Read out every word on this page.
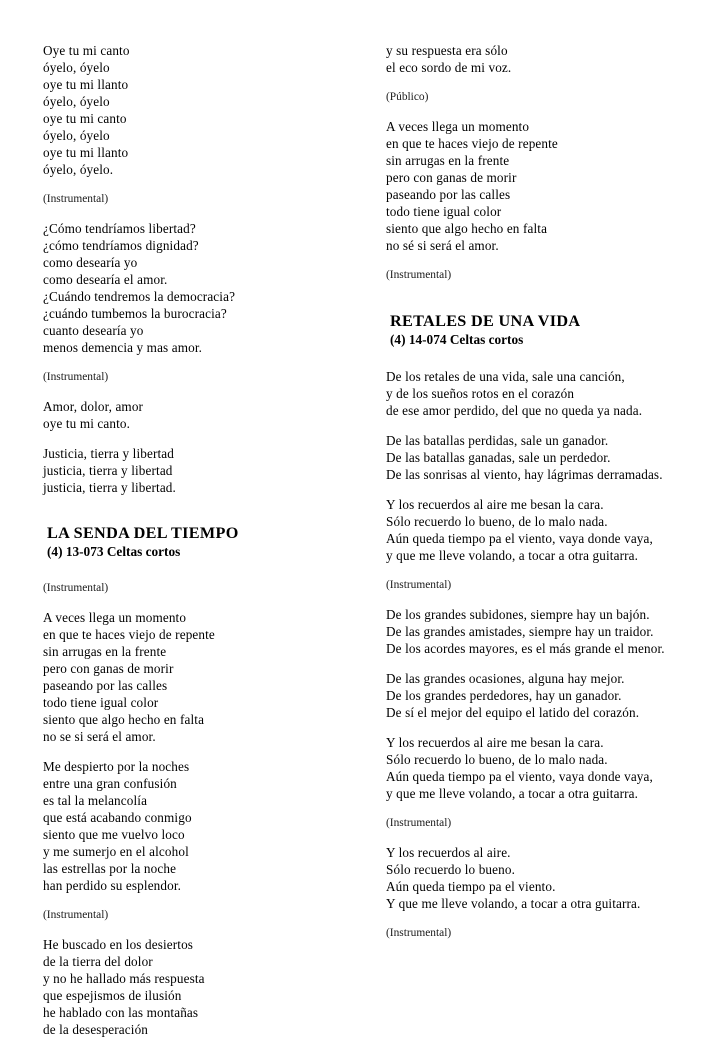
Oye tu mi canto
óyelo, óyelo
oye tu mi llanto
óyelo, óyelo
oye tu mi canto
óyelo, óyelo
oye tu mi llanto
óyelo, óyelo.
(Instrumental)
¿Cómo tendríamos libertad?
¿cómo tendríamos dignidad?
como desearía yo
como desearía el amor.
¿Cuándo tendremos la democracia?
¿cuándo tumbemos la burocracia?
cuanto desearía yo
menos demencia y mas amor.
(Instrumental)
Amor, dolor, amor
oye tu mi canto.
Justicia, tierra y libertad
justicia, tierra y libertad
justicia, tierra y libertad.
LA SENDA DEL TIEMPO
(4) 13-073 Celtas cortos
(Instrumental)
A veces llega un momento
en que te haces viejo de repente
sin arrugas en la frente
pero con ganas de morir
paseando por las calles
todo tiene igual color
siento que algo hecho en falta
no se si será el amor.
Me despierto por la noches
entre una gran confusión
es tal la melancolía
que está acabando conmigo
siento que me vuelvo loco
y me sumerjo en el alcohol
las estrellas por la noche
han perdido su esplendor.
(Instrumental)
He buscado en los desiertos
de la tierra del dolor
y no he hallado más respuesta
que espejismos de ilusión
he hablado con las montañas
de la desesperación
y su respuesta era sólo
el eco sordo de mi voz.
(Público)
A veces llega un momento
en que te haces viejo de repente
sin arrugas en la frente
pero con ganas de morir
paseando por las calles
todo tiene igual color
siento que algo hecho en falta
no sé si será el amor.
(Instrumental)
RETALES DE UNA VIDA
(4) 14-074 Celtas cortos
De los retales de una vida, sale una canción,
y de los sueños rotos en el corazón
de ese amor perdido, del que no queda ya nada.
De las batallas perdidas, sale un ganador.
De las batallas ganadas, sale un perdedor.
De las sonrisas al viento, hay lágrimas derramadas.
Y los recuerdos al aire me besan la cara.
Sólo recuerdo lo bueno, de lo malo nada.
Aún queda tiempo pa el viento, vaya donde vaya,
y que me lleve volando, a tocar a otra guitarra.
(Instrumental)
De los grandes subidones, siempre hay un bajón.
De las grandes amistades, siempre hay un traidor.
De los acordes mayores, es el más grande el menor.
De las grandes ocasiones, alguna hay mejor.
De los grandes perdedores, hay un ganador.
De sí el mejor del equipo el latido del corazón.
Y los recuerdos al aire me besan la cara.
Sólo recuerdo lo bueno, de lo malo nada.
Aún queda tiempo pa el viento, vaya donde vaya,
y que me lleve volando, a tocar a otra guitarra.
(Instrumental)
Y los recuerdos al aire.
Sólo recuerdo lo bueno.
Aún queda tiempo pa el viento.
Y que me lleve volando, a tocar a otra guitarra.
(Instrumental)
